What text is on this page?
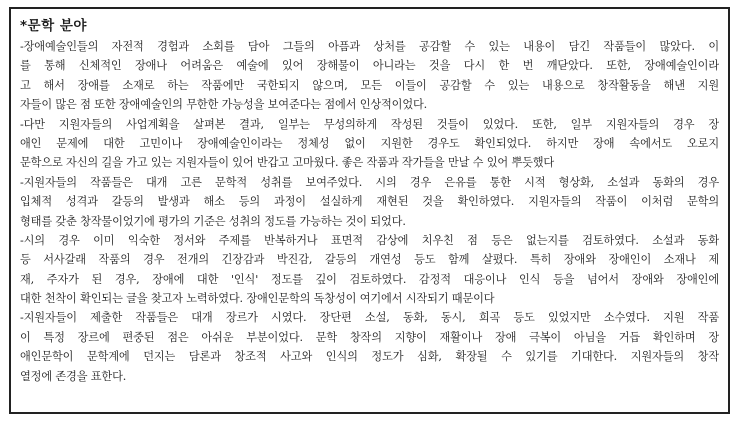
*문학 분야
-장애예술인들의 자전적 경험과 소회를 담아 그들의 아픔과 상처를 공감할 수 있는 내용이 담긴 작품들이 많았다. 이
를 통해 신체적인 장애나 어려움은 예술에 있어 장해물이 아니라는 것을 다시 한 번 깨닫았다. 또한, 장애예술인이라
고 해서 장애를 소재로 하는 작품에만 국한되지 않으며, 모든 이들이 공감할 수 있는 내용으로 창작활동을 해낸 지원
자들이 많은 점 또한 장애예술인의 무한한 가능성을 보여준다는 점에서 인상적이었다.
-다만 지원자들의 사업계획을 살펴본 결과, 일부는 무성의하게 작성된 것들이 있었다. 또한, 일부 지원자들의 경우 장
애인 문제에 대한 고민이나 장애예술인이라는 정체성 없이 지원한 경우도 확인되었다. 하지만 장애 속에서도 오로지
문학으로 자신의 길을 가고 있는 지원자들이 있어 반갑고 고마웠다. 좋은 작품과 작가들을 만날 수 있어 뿌듯했다
-지원자들의 작품들은 대개 고른 문학적 성취를 보여주었다. 시의 경우 은유를 통한 시적 형상화, 소설과 동화의 경우
입체적 성격과 갈등의 발생과 해소 등의 과정이 설실하게 재현된 것을 확인하였다. 지원자들의 작품이 이처럼 문학의
형태를 갖춘 창작물이었기에 평가의 기준은 성취의 정도를 가능하는 것이 되었다.
-시의 경우 이미 익숙한 정서와 주제를 반복하거나 표면적 감상에 치우친 점 등은 없는지를 검토하였다. 소설과 동화
등 서사갈래 작품의 경우 전개의 긴장감과 박진감, 갈등의 개연성 등도 함께 살폈다. 특히 장애와 장애인이 소재나 제
재, 주자가 된 경우, 장애에 대한 '인식' 정도를 깊이 검토하였다. 감정적 대응이나 인식 등을 넘어서 장애와 장애인에
대한 천착이 확인되는 글을 찾고자 노력하였다. 장애인문학의 독창성이 여기에서 시작되기 때문이다
-지원자들이 제출한 작품들은 대개 장르가 시였다. 장단편 소설, 동화, 동시, 희곡 등도 있었지만 소수였다. 지원 작품
이 특정 장르에 편중된 점은 아쉬운 부분이었다. 문학 창작의 지향이 재활이나 장애 극복이 아님을 거듭 확인하며 장
애인문학이 문학계에 던지는 담론과 창조적 사고와 인식의 정도가 심화, 확장될 수 있기를 기대한다. 지원자들의 창작
열정에 존경을 표한다.
